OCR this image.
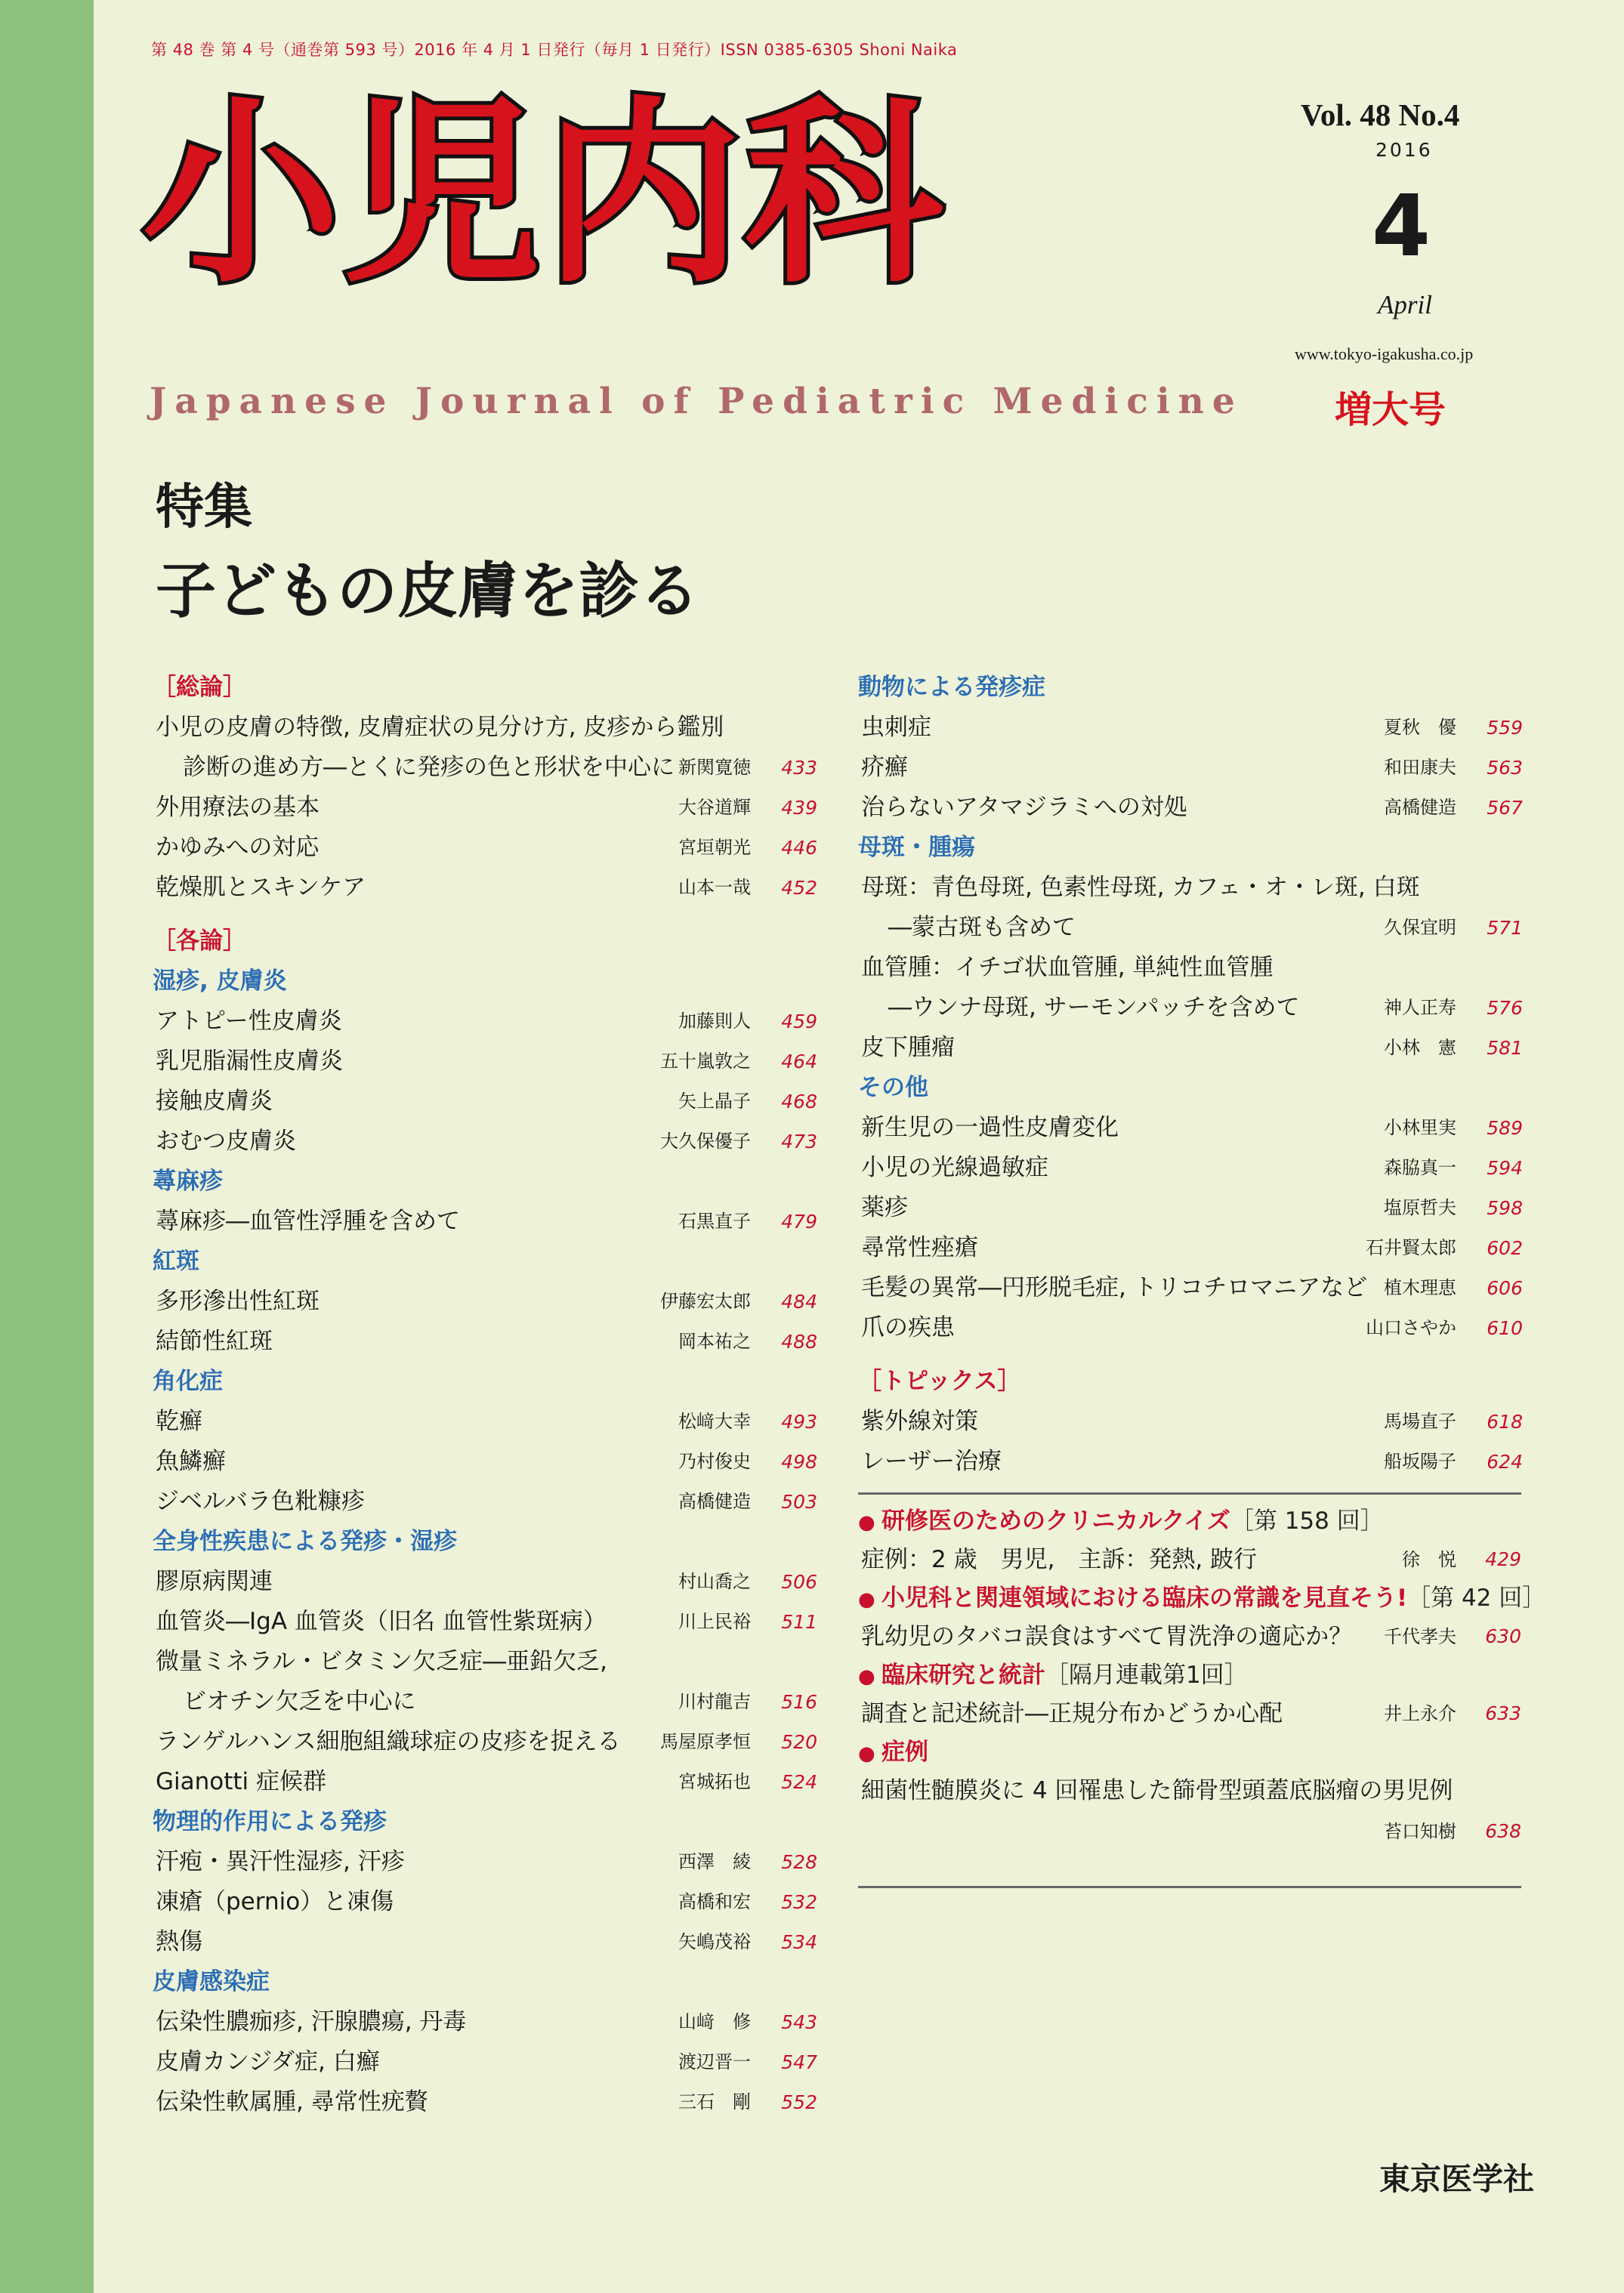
第 48 巻 第 4 号（通巻第 593 号）2016 年 4 月 1 日発行（毎月 1 日発行）ISSN 0385-6305 Shoni Naika
小児内科
Japanese Journal of Pediatric Medicine
Vol. 48 No.4
2016
4
April
www.tokyo-igakusha.co.jp
増大号
特集
子どもの皮膚を診る
［総論］
小児の皮膚の特徴, 皮膚症状の見分け方, 皮疹から鑑別
診断の進め方―とくに発疹の色と形状を中心に 新関寛徳	433
外用療法の基本	大谷道輝	439
かゆみへの対応	宮垣朝光	446
乾燥肌とスキンケア	山本一哉	452
［各論］
湿疹, 皮膚炎
アトピー性皮膚炎	加藤則人	459
乳児脂漏性皮膚炎	五十嵐敦之	464
接触皮膚炎	矢上晶子	468
おむつ皮膚炎	大久保優子	473
蕁麻疹
蕁麻疹―血管性浮腫を含めて	石黒直子	479
紅斑
多形滲出性紅斑	伊藤宏太郎	484
結節性紅斑	岡本祐之	488
角化症
乾癬	松﨑大幸	493
魚鱗癬	乃村俊史	498
ジベルバラ色粃糠疹	高橋健造	503
全身性疾患による発疹・湿疹
膠原病関連	村山喬之	506
血管炎―IgA 血管炎（旧名 血管性紫斑病）	川上民裕	511
微量ミネラル・ビタミン欠乏症―亜鉛欠乏,
ビオチン欠乏を中心に	川村龍吉	516
ランゲルハンス細胞組織球症の皮疹を捉える 馬屋原孝恒	520
Gianotti 症候群	宮城拓也	524
物理的作用による発疹
汗疱・異汗性湿疹, 汗疹	西澤　綾	528
凍瘡（pernio）と凍傷	高橋和宏	532
熱傷	矢嶋茂裕	534
皮膚感染症
伝染性膿痂疹, 汗腺膿瘍, 丹毒	山﨑　修	543
皮膚カンジダ症, 白癬	渡辺晋一	547
伝染性軟属腫, 尋常性疣贅	三石　剛	552
動物による発疹症
虫刺症	夏秋　優	559
疥癬	和田康夫	563
治らないアタマジラミへの対処	高橋健造	567
母斑・腫瘍
母斑：青色母斑, 色素性母斑, カフェ・オ・レ斑, 白斑
―蒙古斑も含めて	久保宜明	571
血管腫：イチゴ状血管腫, 単純性血管腫
―ウンナ母斑, サーモンパッチを含めて	神人正寿	576
皮下腫瘤	小林　憲	581
その他
新生児の一過性皮膚変化	小林里実	589
小児の光線過敏症	森脇真一	594
薬疹	塩原哲夫	598
尋常性痤瘡	石井賢太郎	602
毛髪の異常―円形脱毛症, トリコチロマニアなど 植木理恵	606
爪の疾患	山口さやか	610
［トピックス］
紫外線対策	馬場直子	618
レーザー治療	船坂陽子	624
● 研修医のためのクリニカルクイズ［第 158 回］
症例：2 歳　男児,　主訴：発熱, 跛行	徐　悦	429
● 小児科と関連領域における臨床の常識を見直そう!［第 42 回］
乳幼児のタバコ誤食はすべて胃洗浄の適応か？ 千代孝夫	630
● 臨床研究と統計［隔月連載第1回］
調査と記述統計―正規分布かどうか心配	井上永介	633
● 症例
細菌性髄膜炎に 4 回罹患した篩骨型頭蓋底脳瘤の男児例
苔口知樹	638
東京医学社
